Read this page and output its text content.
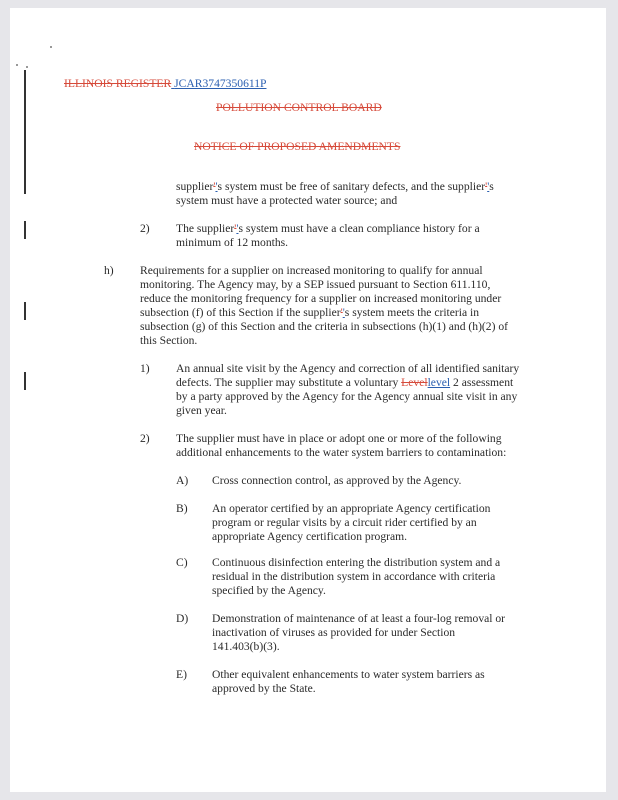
ILLINOIS REGISTER JCAR3747350611P
POLLUTION CONTROL BOARD
NOTICE OF PROPOSED AMENDMENTS
supplier''s system must be free of sanitary defects, and the supplier''s
system must have a protected water source; and
2) The supplier''s system must have a clean compliance history for a
minimum of 12 months.
h) Requirements for a supplier on increased monitoring to qualify for annual
monitoring. The Agency may, by a SEP issued pursuant to Section 611.110,
reduce the monitoring frequency for a supplier on increased monitoring under
subsection (f) of this Section if the supplier''s system meets the criteria in
subsection (g) of this Section and the criteria in subsections (h)(1) and (h)(2) of
this Section.
1) An annual site visit by the Agency and correction of all identified sanitary
defects. The supplier may substitute a voluntary Levellevel 2 assessment
by a party approved by the Agency for the Agency annual site visit in any
given year.
2) The supplier must have in place or adopt one or more of the following
additional enhancements to the water system barriers to contamination:
A) Cross connection control, as approved by the Agency.
B) An operator certified by an appropriate Agency certification
program or regular visits by a circuit rider certified by an
appropriate Agency certification program.
C) Continuous disinfection entering the distribution system and a
residual in the distribution system in accordance with criteria
specified by the Agency.
D) Demonstration of maintenance of at least a four-log removal or
inactivation of viruses as provided for under Section
141.403(b)(3).
E) Other equivalent enhancements to water system barriers as
approved by the State.
